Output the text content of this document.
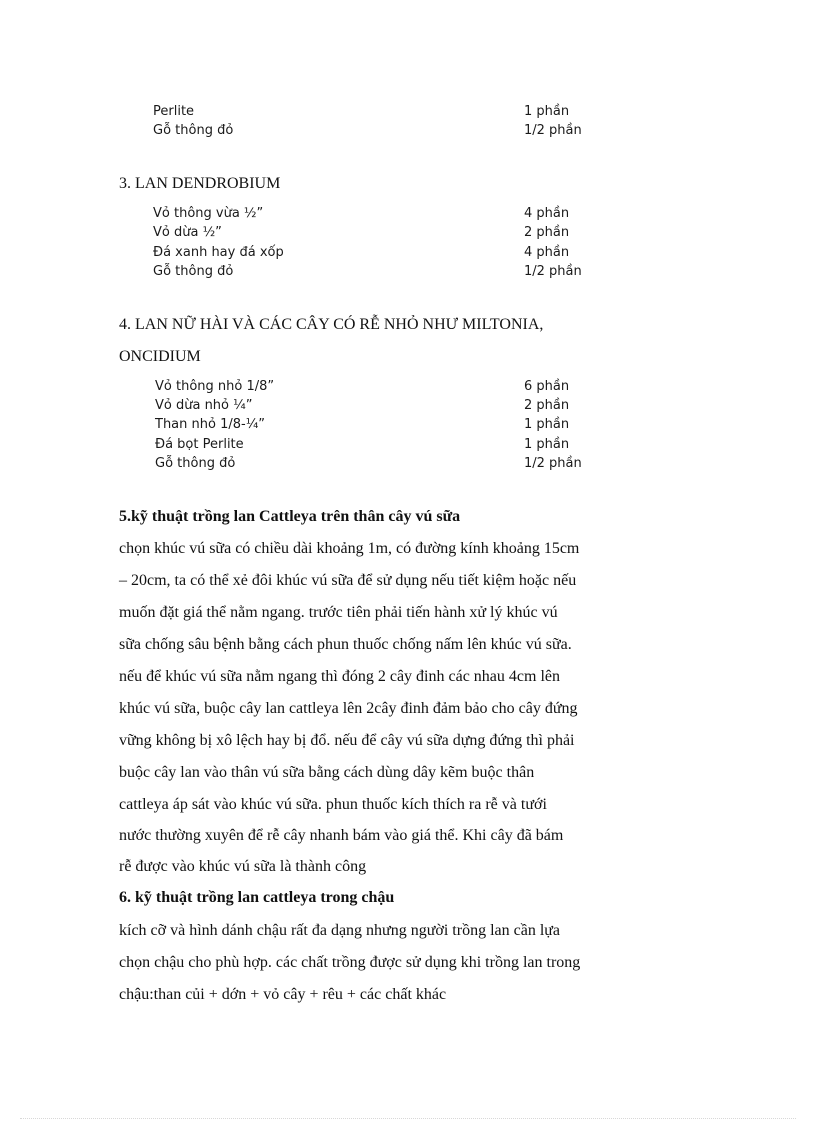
Perlite	1 phần
Gỗ thông đỏ	1/2 phần
3. LAN DENDROBIUM
Vỏ thông vừa ½”	4 phần
Vỏ dừa ½”	2 phần
Đá xanh hay đá xốp	4 phần
Gỗ thông đỏ	1/2 phần
4. LAN NỮ HÀI VÀ CÁC CÂY CÓ RỄ NHỎ NHƯ MILTONIA,
ONCIDIUM
Vỏ thông nhỏ 1/8”	6 phần
Vỏ dừa nhỏ ¼”	2 phần
Than nhỏ 1/8-¼”	1 phần
Đá bọt Perlite	1 phần
Gỗ thông đỏ	1/2 phần
5.kỹ thuật trồng lan Cattleya trên thân cây vú sữa
chọn khúc vú sữa có chiều dài khoảng 1m, có đường kính khoảng 15cm
– 20cm, ta có thể xẻ đôi khúc vú sữa để sử dụng nếu tiết kiệm hoặc nếu
muốn đặt giá thể nằm ngang. trước tiên phải tiến hành xử lý khúc vú
sữa chống sâu bệnh bằng cách phun thuốc chống nấm lên khúc vú sữa.
nếu để khúc vú sữa nằm ngang thì đóng 2 cây đinh các nhau 4cm lên
khúc vú sữa, buộc cây lan cattleya lên 2cây đinh đảm bảo cho cây đứng
vững không bị xô lệch hay bị đổ. nếu để cây vú sữa dựng đứng thì phải
buộc cây lan vào thân vú sữa bằng cách dùng dây kẽm buộc thân
cattleya áp sát vào khúc vú sữa. phun thuốc kích thích ra rễ và tưới
nước thường xuyên để rễ cây nhanh bám vào giá thể. Khi cây đã bám
rễ được vào khúc vú sữa là thành công
6. kỹ thuật trồng lan cattleya trong chậu
kích cỡ và hình dánh chậu rất đa dạng nhưng người trồng lan cần lựa
chọn chậu cho phù hợp. các chất trồng được sử dụng khi trồng lan trong
chậu:than củi + dớn + vỏ cây + rêu + các chất khác
